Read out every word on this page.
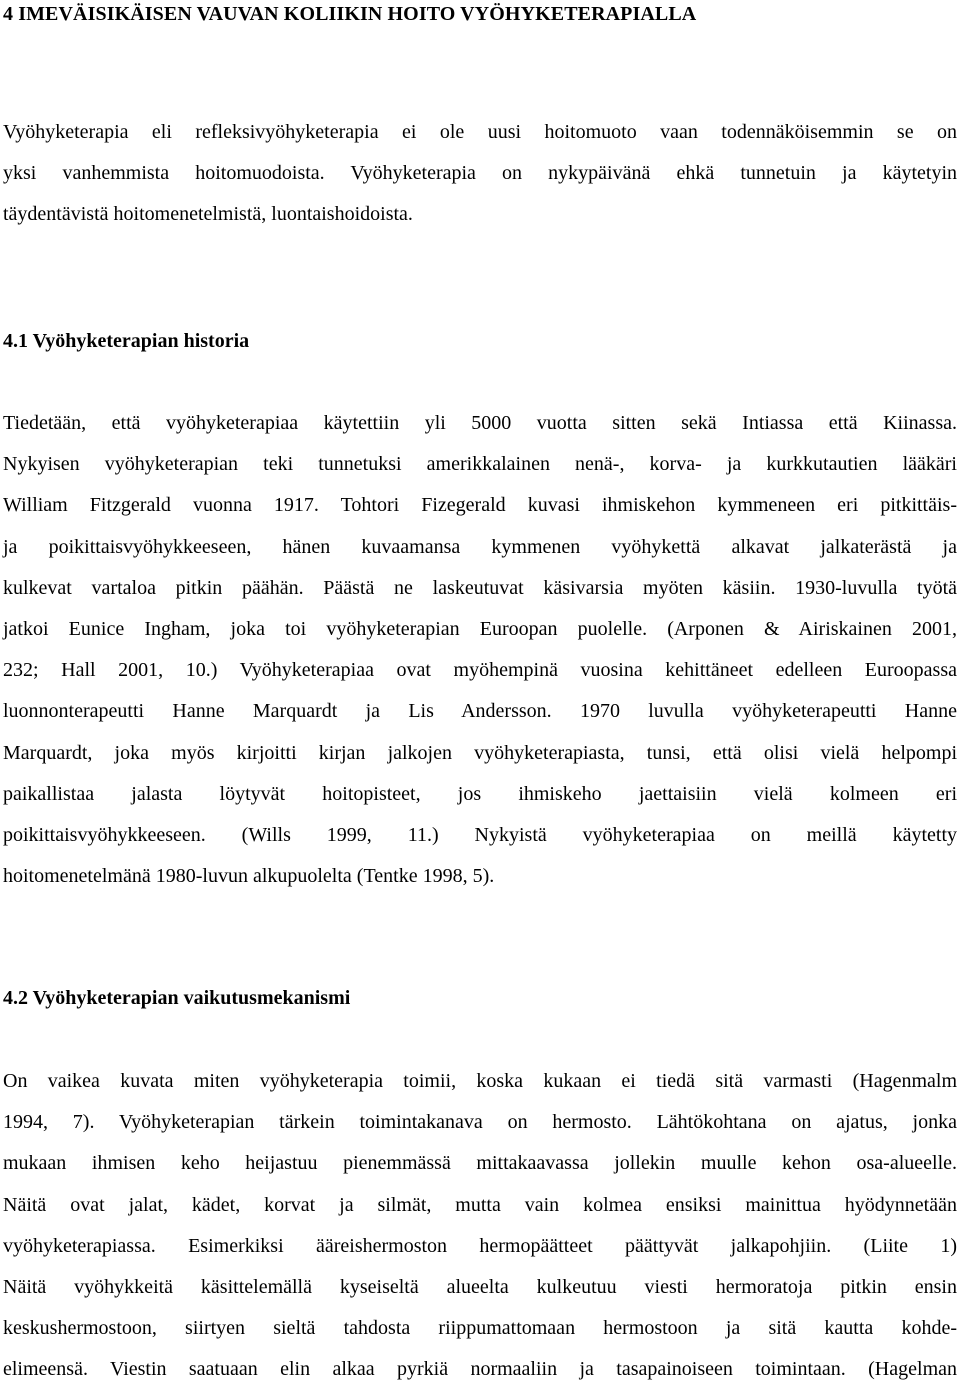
4 IMEVÄISIKÄISEN VAUVAN KOLIIKIN HOITO VYÖHYKETERAPIALLA

Vyöhyketerapia eli refleksivyöhyketerapia ei ole uusi hoitomuoto vaan todennäköisemmin se on
yksi vanhemmista hoitomuodoista. Vyöhyketerapia on nykypäivänä ehkä tunnetuin ja käytetyin
täydentävistä hoitomenetelmistä, luontaishoidoista.

4.1 Vyöhyketerapian historia

Tiedetään, että vyöhyketerapiaa käytettiin yli 5000 vuotta sitten sekä Intiassa että Kiinassa.
Nykyisen vyöhyketerapian teki tunnetuksi amerikkalainen nenä-, korva- ja kurkkutautien lääkäri
William Fitzgerald vuonna 1917. Tohtori Fizegerald kuvasi ihmiskehon kymmeneen eri pitkittäis-
ja poikittaisvyöhykkeeseen, hänen kuvaamansa kymmenen vyöhykettä alkavat jalkaterästä ja
kulkevat vartaloa pitkin päähän. Päästä ne laskeutuvat käsivarsia myöten käsiin. 1930-luvulla työtä
jatkoi Eunice Ingham, joka toi vyöhyketerapian Euroopan puolelle. (Arponen & Airiskainen 2001,
232; Hall 2001, 10.) Vyöhyketerapiaa ovat myöhempinä vuosina kehittäneet edelleen Euroopassa
luonnonterapeutti Hanne Marquardt ja Lis Andersson. 1970 luvulla vyöhyketerapeutti Hanne
Marquardt, joka myös kirjoitti kirjan jalkojen vyöhyketerapiasta, tunsi, että olisi vielä helpompi
paikallistaa jalasta löytyvät hoitopisteet, jos ihmiskeho jaettaisiin vielä kolmeen eri
poikittaisvyöhykkeeseen. (Wills 1999, 11.) Nykyistä vyöhyketerapiaa on meillä käytetty
hoitomenetelmänä 1980-luvun alkupuolelta (Tentke 1998, 5).

4.2 Vyöhyketerapian vaikutusmekanismi

On vaikea kuvata miten vyöhyketerapia toimii, koska kukaan ei tiedä sitä varmasti (Hagenmalm
1994, 7). Vyöhyketerapian tärkein toimintakanava on hermosto. Lähtökohtana on ajatus, jonka
mukaan ihmisen keho heijastuu pienemmässä mittakaavassa jollekin muulle kehon osa-alueelle.
Näitä ovat jalat, kädet, korvat ja silmät, mutta vain kolmea ensiksi mainittua hyödynnetään
vyöhyketerapiassa. Esimerkiksi ääreishermoston hermopäätteet päättyvät jalkapohjiin. (Liite 1)
Näitä vyöhykkeitä käsittelemällä kyseiseltä alueelta kulkeutuu viesti hermoratoja pitkin ensin
keskushermostoon, siirtyen sieltä tahdosta riippumattomaan hermostoon ja sitä kautta kohde-
elimeensä. Viestin saatuaan elin alkaa pyrkiä normaaliin ja tasapainoiseen toimintaan. (Hagelman
